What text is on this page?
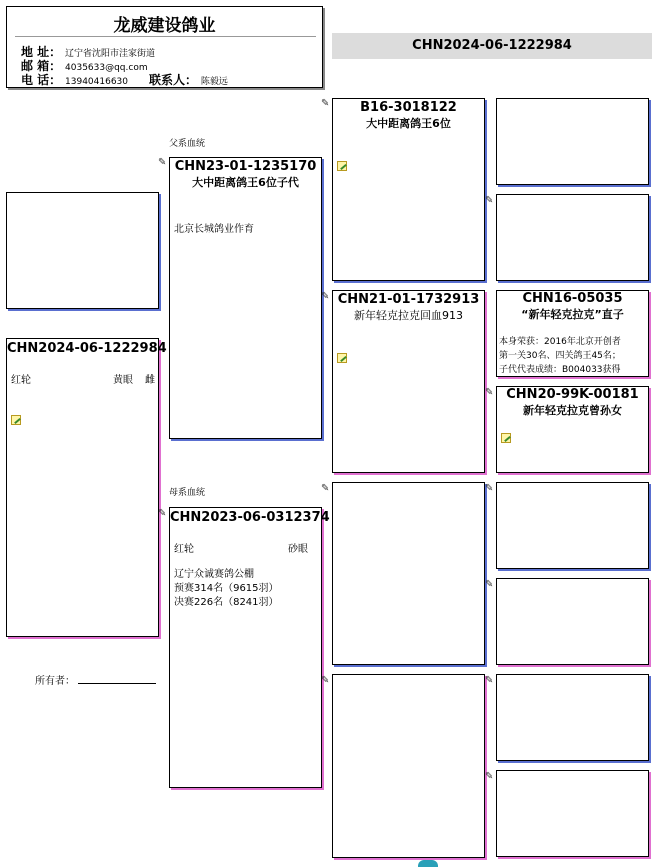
龙威建设鸽业
地 址： 辽宁省沈阳市洼家街道
邮 箱： 4035633@qq.com
电 话： 13940416630 联系人： 陈毅远
CHN2024-06-1222984
CHN2024-06-1222984
红轮	黄眼 雌
所有者：
父系血统
母系血统
✎ CHN23-01-1235170
大中距离鸽王6位子代
北京长城鸽业作育
✎ CHN2023-06-0312374
红轮	砂眼
辽宁众诚赛鸽公棚
预赛314名（9615羽）
决赛226名（8241羽）
✎	B16-3018122
大中距离鸽王6位
✎ CHN21-01-1732913
新年轻克拉克回血913
✎
✎
✎
CHN16-05035
“新年轻克拉克”直子
本身荣获：2016年北京开创者
第一关30名、四关鸽王45名；
子代代表成绩：B004033获得
✎ CHN20-99K-00181
新年轻克拉克曾孙女
✎
✎
✎
✎
